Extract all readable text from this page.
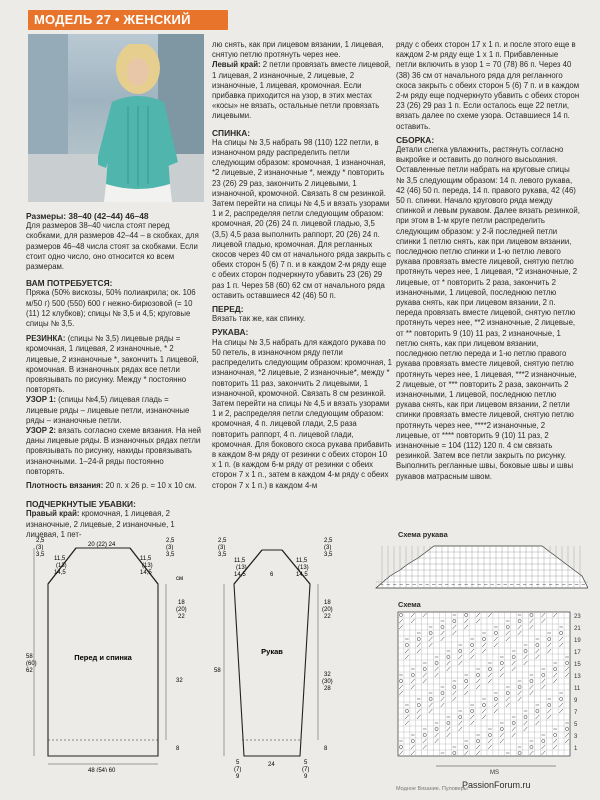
МОДЕЛЬ 27 • ЖЕНСКИЙ

Размеры: 38–40 (42–44) 46–48

Для размеров 38–40 числа стоят перед скобками, для размеров 42–44 – в скобках, для размеров 46–48 числа стоят за скобками. Если стоит одно число, оно относится ко всем размерам.

ВАМ ПОТРЕБУЕТСЯ:

Пряжа (50% вискозы, 50% полиакрила; ок. 106 м/50 г) 500 (550) 600 г нежно-бирюзовой (= 10 (11) 12 клубков); спицы № 3,5 и 4,5; круговые спицы № 3,5.

РЕЗИНКА: (спицы № 3,5) лицевые ряды = кромочная, 1 лицевая, 2 изнаночные, * 2 лицевые, 2 изнаночные *, закончить 1 лицевой, кромочная. В изнаночных рядах все петли провязывать по рисунку. Между * постоянно повторять.

УЗОР 1: (спицы №4,5) лицевая гладь = лицевые ряды – лицевые петли, изнаночные ряды – изнаночные петли.

УЗОР 2: вязать согласно схеме вязания. На ней даны лицевые ряды. В изнаночных рядах петли провязывать по рисунку, накиды провязывать изнаночными. 1–24-й ряды постоянно повторять.

Плотность вязания: 20 п. х 26 р. = 10 х 10 см.

ПОДЧЕРКНУТЫЕ УБАВКИ:

Правый край: кромочная, 1 лицевая, 2 изнаночные, 2 лицевые, 2 изнаночные, 1 лицевая, 1 пет-

лю снять, как при лицевом вязании, 1 лицевая, снятую петлю протянуть через нее.

Левый край: 2 петли провязать вместе лицевой, 1 лицевая, 2 изнаночные, 2 лицевые, 2 изнаночные, 1 лицевая, кромочная. Если прибавка приходится на узор, в этих местах «косы» не вязать, остальные петли провязать лицевыми.

СПИНКА:

На спицы № 3,5 набрать 98 (110) 122 петли, в изнаночном ряду распределить петли следующим образом: кромочная, 1 изнаночная, *2 лицевые, 2 изнаночные *, между * повторить 23 (26) 29 раз, закончить 2 лицевыми, 1 изнаночной, кромочной. Связать 8 см резинкой. Затем перейти на спицы № 4,5 и вязать узорами 1 и 2, распределяя петли следующим образом: кромочная, 20 (26) 24 п. лицевой гладью, 3,5 (3,5) 4,5 раза выполнить раппорт, 20 (26) 24 п. лицевой гладью, кромочная. Для регланных скосов через 40 см от начального ряда закрыть с обеих сторон 5 (6) 7 п. и в каждом 2-м ряду еще с обеих сторон подчеркнуто убавить 23 (26) 29 раз 1 п. Через 58 (60) 62 см от начального ряда оставить оставшиеся 42 (46) 50 п.

ПЕРЕД:

Вязать так же, как спинку.

РУКАВА:

На спицы № 3,5 набрать для каждого рукава по 50 петель, в изнаночном ряду петли распределить следующим образом: кромочная, 1 изнаночная, *2 лицевые, 2 изнаночные*, между * повторить 11 раз, закончить 2 лицевыми, 1 изнаночной, кромочной. Связать 8 см резинкой. Затем перейти на спицы № 4,5 и вязать узорами 1 и 2, распределяя петли следующим образом: кромочная, 4 п. лицевой глади, 2,5 раза повторить раппорт, 4 п. лицевой глади, кромочная. Для бокового скоса рукава прибавить в каждом 8-м ряду от резинки с обеих сторон 10 х 1 п. (в каждом 6-м ряду от резинки с обеих сторон 7 х 1 п., затем в каждом 4-м ряду с обеих сторон 7 х 1 п.) в каждом 4-м

ряду с обеих сторон 17 х 1 п. и после этого еще в каждом 2-м ряду еще 1 х 1 п. Прибавленные петли включить в узор 1 = 70 (78) 86 п. Через 40 (38) 36 см от начального ряда для регланного скоса закрыть с обеих сторон 5 (6) 7 п. и в каждом 2-м ряду еще подчеркнуто убавить с обеих сторон 23 (26) 29 раз 1 п. Если осталось еще 22 петли, вязать далее по схеме узора. Оставшиеся 14 п. оставить.

СБОРКА:

Детали слегка увлажнить, растянуть согласно выкройке и оставить до полного высыхания. Оставленные петли набрать на круговые спицы № 3,5 следующим образом: 14 п. левого рукава, 42 (46) 50 п. переда, 14 п. правого рукава, 42 (46) 50 п. спинки. Начало кругового ряда между спинкой и левым рукавом. Далее вязать резинкой, при этом в 1-м круге петли распределить следующим образом: у 2-й последней петли спинки 1 петлю снять, как при лицевом вязании, последнюю петлю спинки и 1-ю петлю левого рукава провязать вместе лицевой, снятую петлю протянуть через нее, 1 лицевая, *2 изнаночные, 2 лицевые, от * повторить 2 раза, закончить 2 изнаночными, 1 лицевой, последнюю петлю рукава снять, как при лицевом вязании, 2 п. переда провязать вместе лицевой, снятую петлю протянуть через нее, **2 изнаночные, 2 лицевые, от ** повторить 9 (10) 11 раз, 2 изнаночные, 1 петлю снять, как при лицевом вязании, последнюю петлю переда и 1-ю петлю правого рукава провязать вместе лицевой, снятую петлю протянуть через нее, 1 лицевая, ***2 изнаночные, 2 лицевые, от *** повторить 2 раза, закончить 2 изнаночными, 1 лицевой, последнюю петлю рукава снять, как при лицевом вязании, 2 петли спинки провязать вместе лицевой, снятую петлю протянуть через нее, ****2 изнаночные, 2 лицевые, от **** повторить 9 (10) 11 раз, 2 изнаночные = 104 (112) 120 п. 4 см связать резинкой. Затем все петли закрыть по рисунку.

Выполнить регланные швы, боковые швы и швы рукавов матрасным швом.

Перед и спинка
2,5
(3)
3,5
11,5
(13)
14,5
20 (22) 24
2,5
(3)
3,5
11,5
(13)
14,5
см
18
(20)
22
32
8
58
(60)
62
48 (54) 60
Рукав
2,5
(3)
3,5
11,5
(13)
14,5	6
2,5
(3)
3,5
11,5
(13)
14,5
18
(20)
22
32
(30)
28
8
58
24
5
(7)
9
5
(7)
9
Схема рукава
– – – – – – – – – – – – – – – – – – – – – – – – – – – – – – – –
Схема
23
21
19
17
15
13
11
9
7
5
3
1
MS
Модное Вязание. Пуловеры
PassionForum.ru
